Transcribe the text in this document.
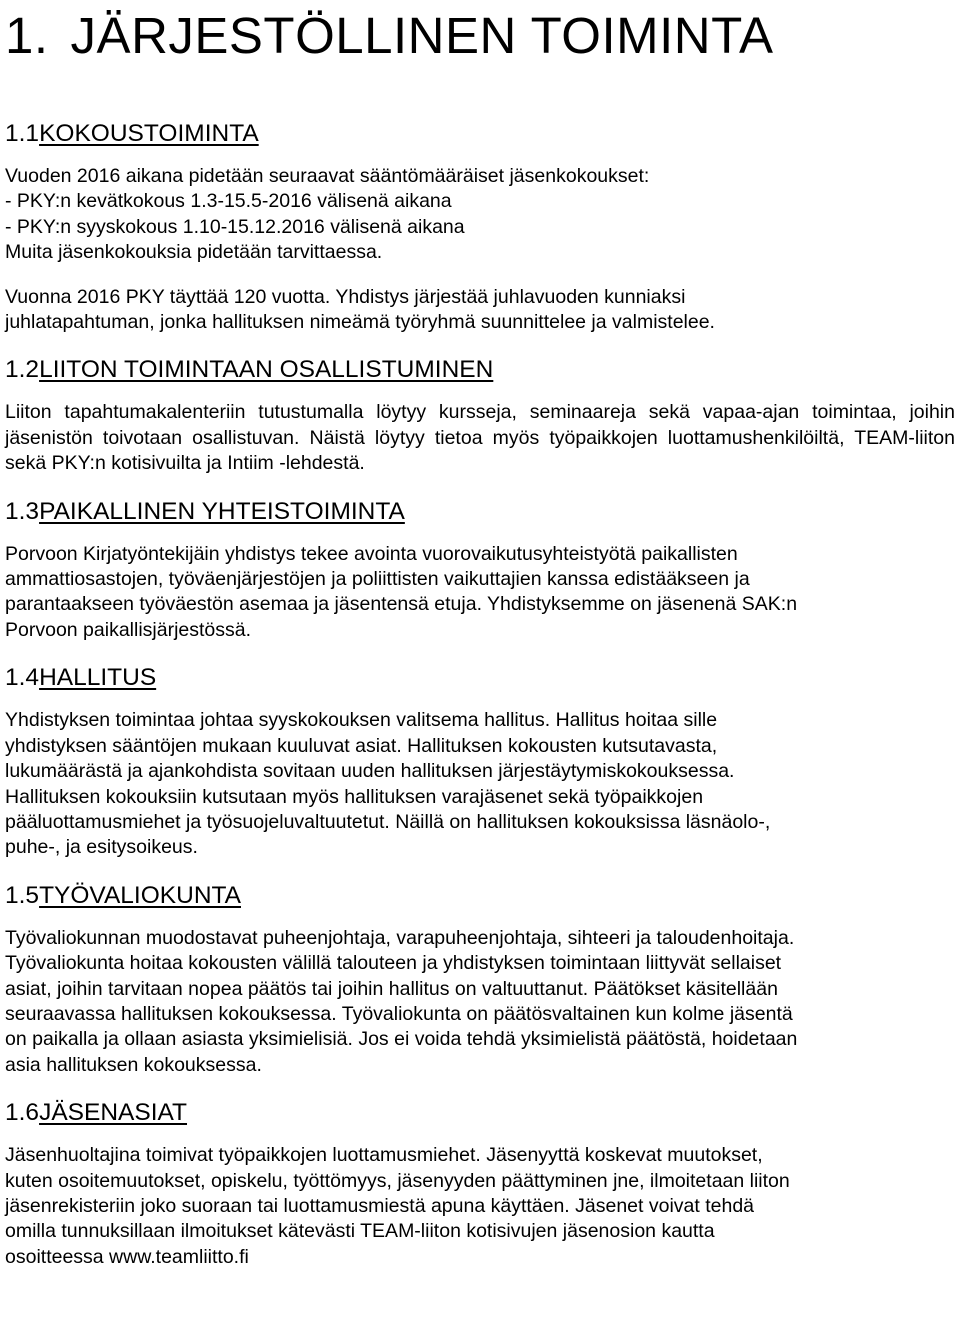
1. JÄRJESTÖLLINEN TOIMINTA
1.1KOKOUSTOIMINTA

Vuoden 2016 aikana pidetään seuraavat sääntömääräiset jäsenkokoukset:
- PKY:n kevätkokous 1.3-15.5-2016 välisenä aikana
- PKY:n syyskokous 1.10-15.12.2016 välisenä aikana
Muita jäsenkokouksia pidetään tarvittaessa.

Vuonna 2016 PKY täyttää 120 vuotta. Yhdistys järjestää juhlavuoden kunniaksi
juhlatapahtuman, jonka hallituksen nimeämä työryhmä suunnittelee ja valmistelee.

1.2LIITON TOIMINTAAN OSALLISTUMINEN

Liiton tapahtumakalenteriin tutustumalla löytyy kursseja, seminaareja sekä vapaa-ajan toimintaa, joihin jäsenistön toivotaan osallistuvan. Näistä löytyy tietoa myös työpaikkojen luottamushenkilöiltä, TEAM-liiton sekä PKY:n kotisivuilta ja Intiim -lehdestä.

1.3PAIKALLINEN YHTEISTOIMINTA

Porvoon Kirjatyöntekijäin yhdistys tekee avointa vuorovaikutusyhteistyötä paikallisten
ammattiosastojen, työväenjärjestöjen ja poliittisten vaikuttajien kanssa edistääkseen ja
parantaakseen työväestön asemaa ja jäsentensä etuja. Yhdistyksemme on jäsenenä SAK:n
Porvoon paikallisjärjestössä.

1.4HALLITUS

Yhdistyksen toimintaa johtaa syyskokouksen valitsema hallitus. Hallitus hoitaa sille
yhdistyksen sääntöjen mukaan kuuluvat asiat. Hallituksen kokousten kutsutavasta,
lukumäärästä ja ajankohdista sovitaan uuden hallituksen järjestäytymiskokouksessa.
Hallituksen kokouksiin kutsutaan myös hallituksen varajäsenet sekä työpaikkojen
pääluottamusmiehet ja työsuojeluvaltuutetut. Näillä on hallituksen kokouksissa läsnäolo-,
puhe-, ja esitysoikeus.

1.5TYÖVALIOKUNTA

Työvaliokunnan muodostavat puheenjohtaja, varapuheenjohtaja, sihteeri ja taloudenhoitaja.
Työvaliokunta hoitaa kokousten välillä talouteen ja yhdistyksen toimintaan liittyvät sellaiset
asiat, joihin tarvitaan nopea päätös tai joihin hallitus on valtuuttanut. Päätökset käsitellään
seuraavassa hallituksen kokouksessa. Työvaliokunta on päätösvaltainen kun kolme jäsentä
on paikalla ja ollaan asiasta yksimielisiä. Jos ei voida tehdä yksimielistä päätöstä, hoidetaan
asia hallituksen kokouksessa.

1.6JÄSENASIAT

Jäsenhuoltajina toimivat työpaikkojen luottamusmiehet. Jäsenyyttä koskevat muutokset,
kuten osoitemuutokset, opiskelu, työttömyys, jäsenyyden päättyminen jne, ilmoitetaan liiton
jäsenrekisteriin joko suoraan tai luottamusmiestä apuna käyttäen. Jäsenet voivat tehdä
omilla tunnuksillaan ilmoitukset kätevästi TEAM-liiton kotisivujen jäsenosion kautta
osoitteessa www.teamliitto.fi
